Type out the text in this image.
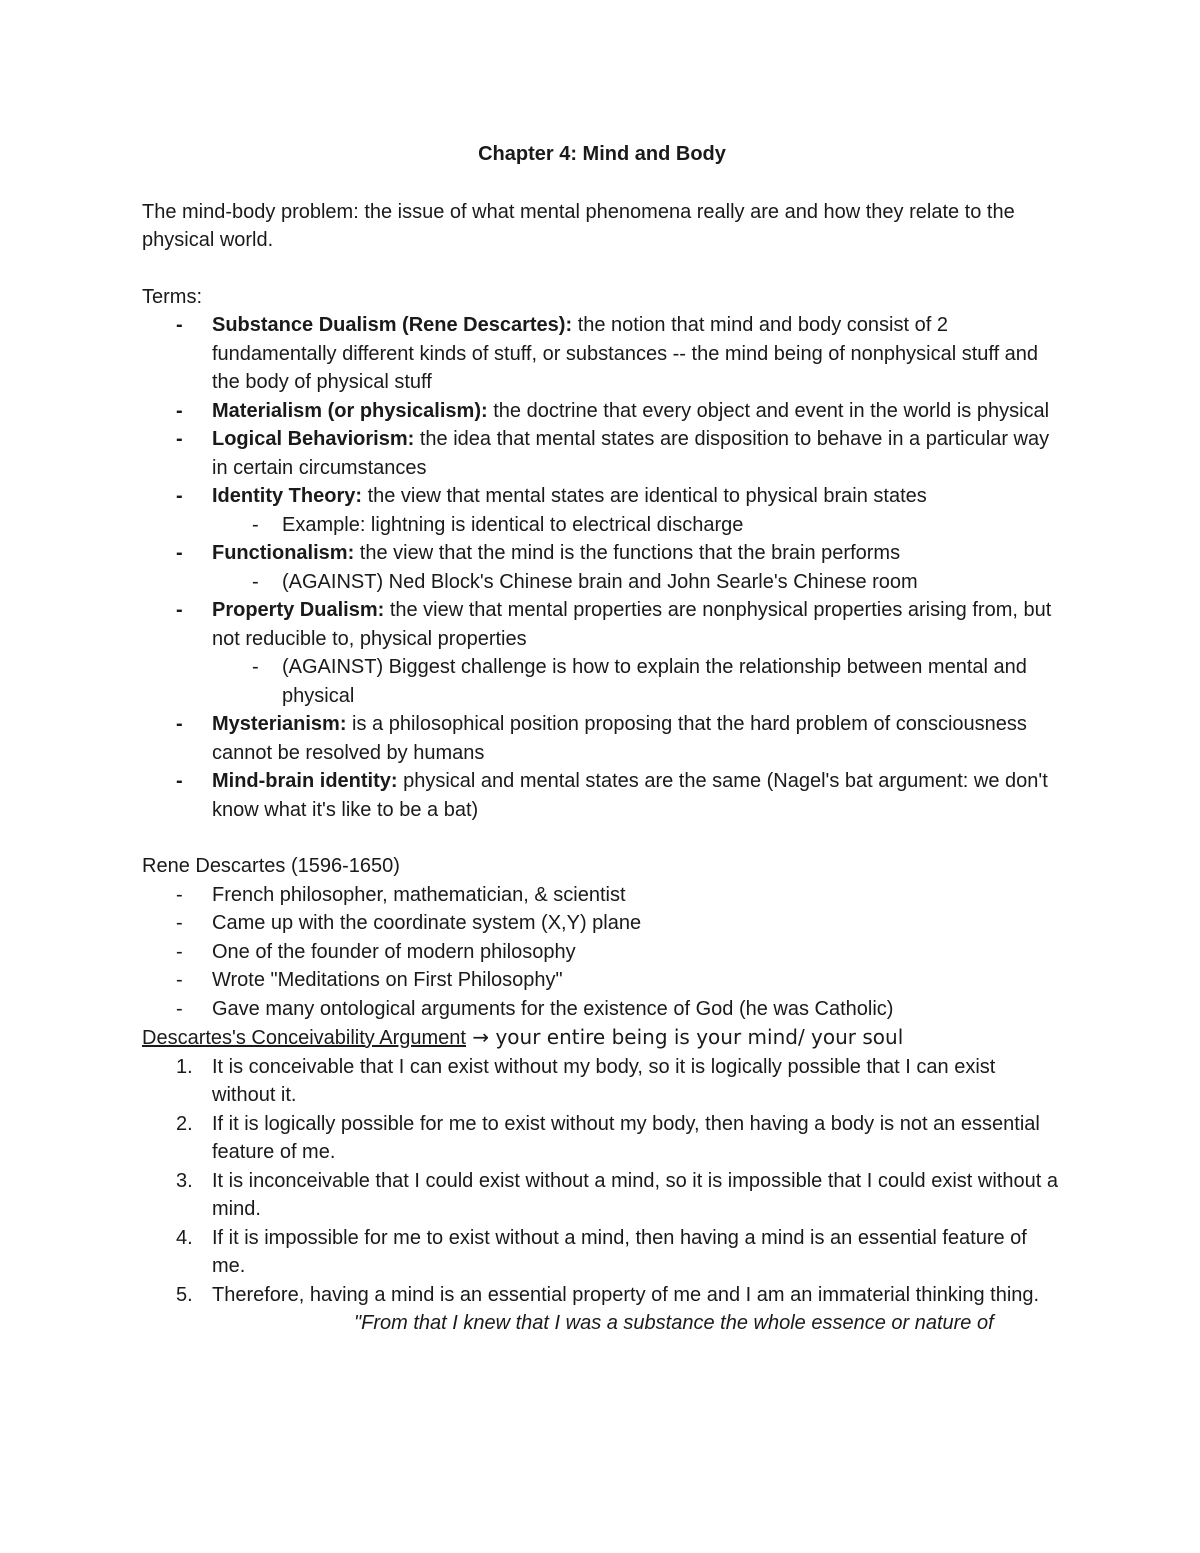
Chapter 4: Mind and Body

The mind-body problem: the issue of what mental phenomena really are and how they relate to the physical world.

Terms:

-	Substance Dualism (Rene Descartes): the notion that mind and body consist of 2 fundamentally different kinds of stuff, or substances -- the mind being of nonphysical stuff and the body of physical stuff
-	Materialism (or physicalism): the doctrine that every object and event in the world is physical
-	Logical Behaviorism: the idea that mental states are disposition to behave in a particular way in certain circumstances
-	Identity Theory: the view that mental states are identical to physical brain states
- Example: lightning is identical to electrical discharge
-	Functionalism: the view that the mind is the functions that the brain performs
- (AGAINST) Ned Block's Chinese brain and John Searle's Chinese room
-	Property Dualism: the view that mental properties are nonphysical properties arising from, but not reducible to, physical properties
- (AGAINST) Biggest challenge is how to explain the relationship between mental and physical
-	Mysterianism: is a philosophical position proposing that the hard problem of consciousness cannot be resolved by humans
-	Mind-brain identity: physical and mental states are the same (Nagel's bat argument: we don't know what it's like to be a bat)

Rene Descartes (1596-1650)

-	French philosopher, mathematician, & scientist
-	Came up with the coordinate system (X,Y) plane
-	One of the founder of modern philosophy
-	Wrote "Meditations on First Philosophy"
-	Gave many ontological arguments for the existence of God (he was Catholic)

Descartes's Conceivability Argument → your entire being is your mind/ your soul

1. It is conceivable that I can exist without my body, so it is logically possible that I can exist without it.
2. If it is logically possible for me to exist without my body, then having a body is not an essential feature of me.
3. It is inconceivable that I could exist without a mind, so it is impossible that I could exist without a mind.
4. If it is impossible for me to exist without a mind, then having a mind is an essential feature of me.
5. Therefore, having a mind is an essential property of me and I am an immaterial thinking thing.

"From that I knew that I was a substance the whole essence or nature of
